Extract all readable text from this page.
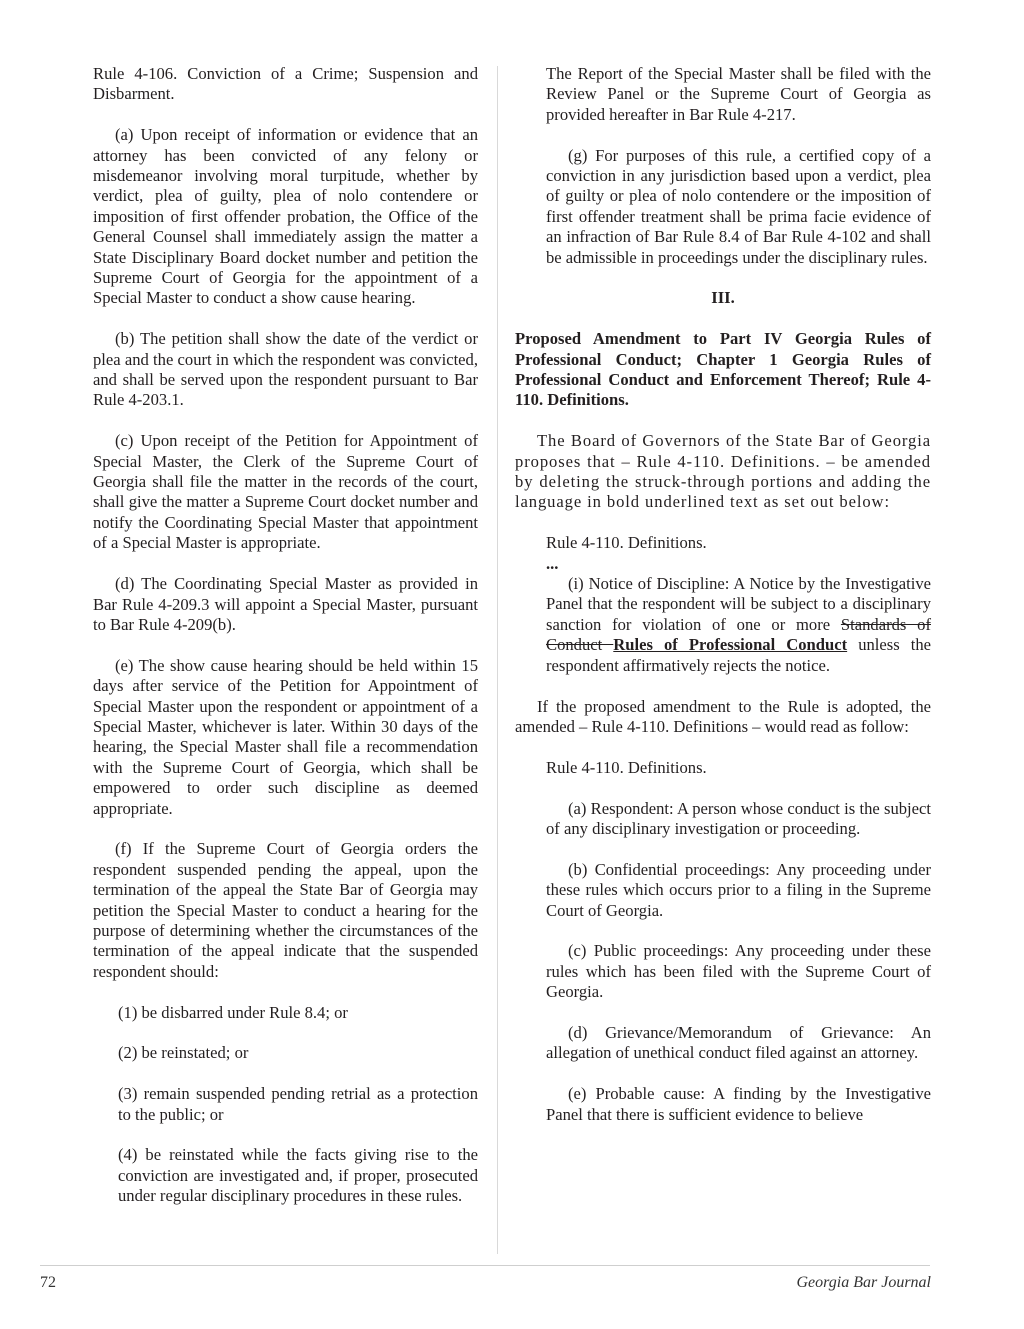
Rule 4-106. Conviction of a Crime; Suspension and Disbarment.

(a) Upon receipt of information or evidence that an attorney has been convicted of any felony or misdemeanor involving moral turpitude, whether by verdict, plea of guilty, plea of nolo contendere or imposition of first offender probation, the Office of the General Counsel shall immediately assign the matter a State Disciplinary Board docket number and petition the Supreme Court of Georgia for the appointment of a Special Master to conduct a show cause hearing.

(b) The petition shall show the date of the verdict or plea and the court in which the respondent was convicted, and shall be served upon the respondent pursuant to Bar Rule 4-203.1.

(c) Upon receipt of the Petition for Appointment of Special Master, the Clerk of the Supreme Court of Georgia shall file the matter in the records of the court, shall give the matter a Supreme Court docket number and notify the Coordinating Special Master that appointment of a Special Master is appropriate.

(d) The Coordinating Special Master as provided in Bar Rule 4-209.3 will appoint a Special Master, pursuant to Bar Rule 4-209(b).

(e) The show cause hearing should be held within 15 days after service of the Petition for Appointment of Special Master upon the respondent or appointment of a Special Master, whichever is later. Within 30 days of the hearing, the Special Master shall file a recommendation with the Supreme Court of Georgia, which shall be empowered to order such discipline as deemed appropriate.

(f) If the Supreme Court of Georgia orders the respondent suspended pending the appeal, upon the termination of the appeal the State Bar of Georgia may petition the Special Master to conduct a hearing for the purpose of determining whether the circumstances of the termination of the appeal indicate that the suspended respondent should:

(1) be disbarred under Rule 8.4; or

(2) be reinstated; or

(3) remain suspended pending retrial as a protection to the public; or

(4) be reinstated while the facts giving rise to the conviction are investigated and, if proper, prosecuted under regular disciplinary procedures in these rules.

The Report of the Special Master shall be filed with the Review Panel or the Supreme Court of Georgia as provided hereafter in Bar Rule 4-217.

(g) For purposes of this rule, a certified copy of a conviction in any jurisdiction based upon a verdict, plea of guilty or plea of nolo contendere or the imposition of first offender treatment shall be prima facie evidence of an infraction of Bar Rule 8.4 of Bar Rule 4-102 and shall be admissible in proceedings under the disciplinary rules.

III.

Proposed Amendment to Part IV Georgia Rules of Professional Conduct; Chapter 1 Georgia Rules of Professional Conduct and Enforcement Thereof; Rule 4-110. Definitions.

The Board of Governors of the State Bar of Georgia proposes that – Rule 4-110. Definitions. – be amended by deleting the struck-through portions and adding the language in bold underlined text as set out below:

Rule 4-110. Definitions.
...

(i) Notice of Discipline: A Notice by the Investigative Panel that the respondent will be subject to a disciplinary sanction for violation of one or more Standards of Conduct Rules of Professional Conduct unless the respondent affirmatively rejects the notice.

If the proposed amendment to the Rule is adopted, the amended – Rule 4-110. Definitions – would read as follow:

Rule 4-110. Definitions.

(a) Respondent: A person whose conduct is the subject of any disciplinary investigation or proceeding.

(b) Confidential proceedings: Any proceeding under these rules which occurs prior to a filing in the Supreme Court of Georgia.

(c) Public proceedings: Any proceeding under these rules which has been filed with the Supreme Court of Georgia.

(d) Grievance/Memorandum of Grievance: An allegation of unethical conduct filed against an attorney.

(e) Probable cause: A finding by the Investigative Panel that there is sufficient evidence to believe

72	Georgia Bar Journal
